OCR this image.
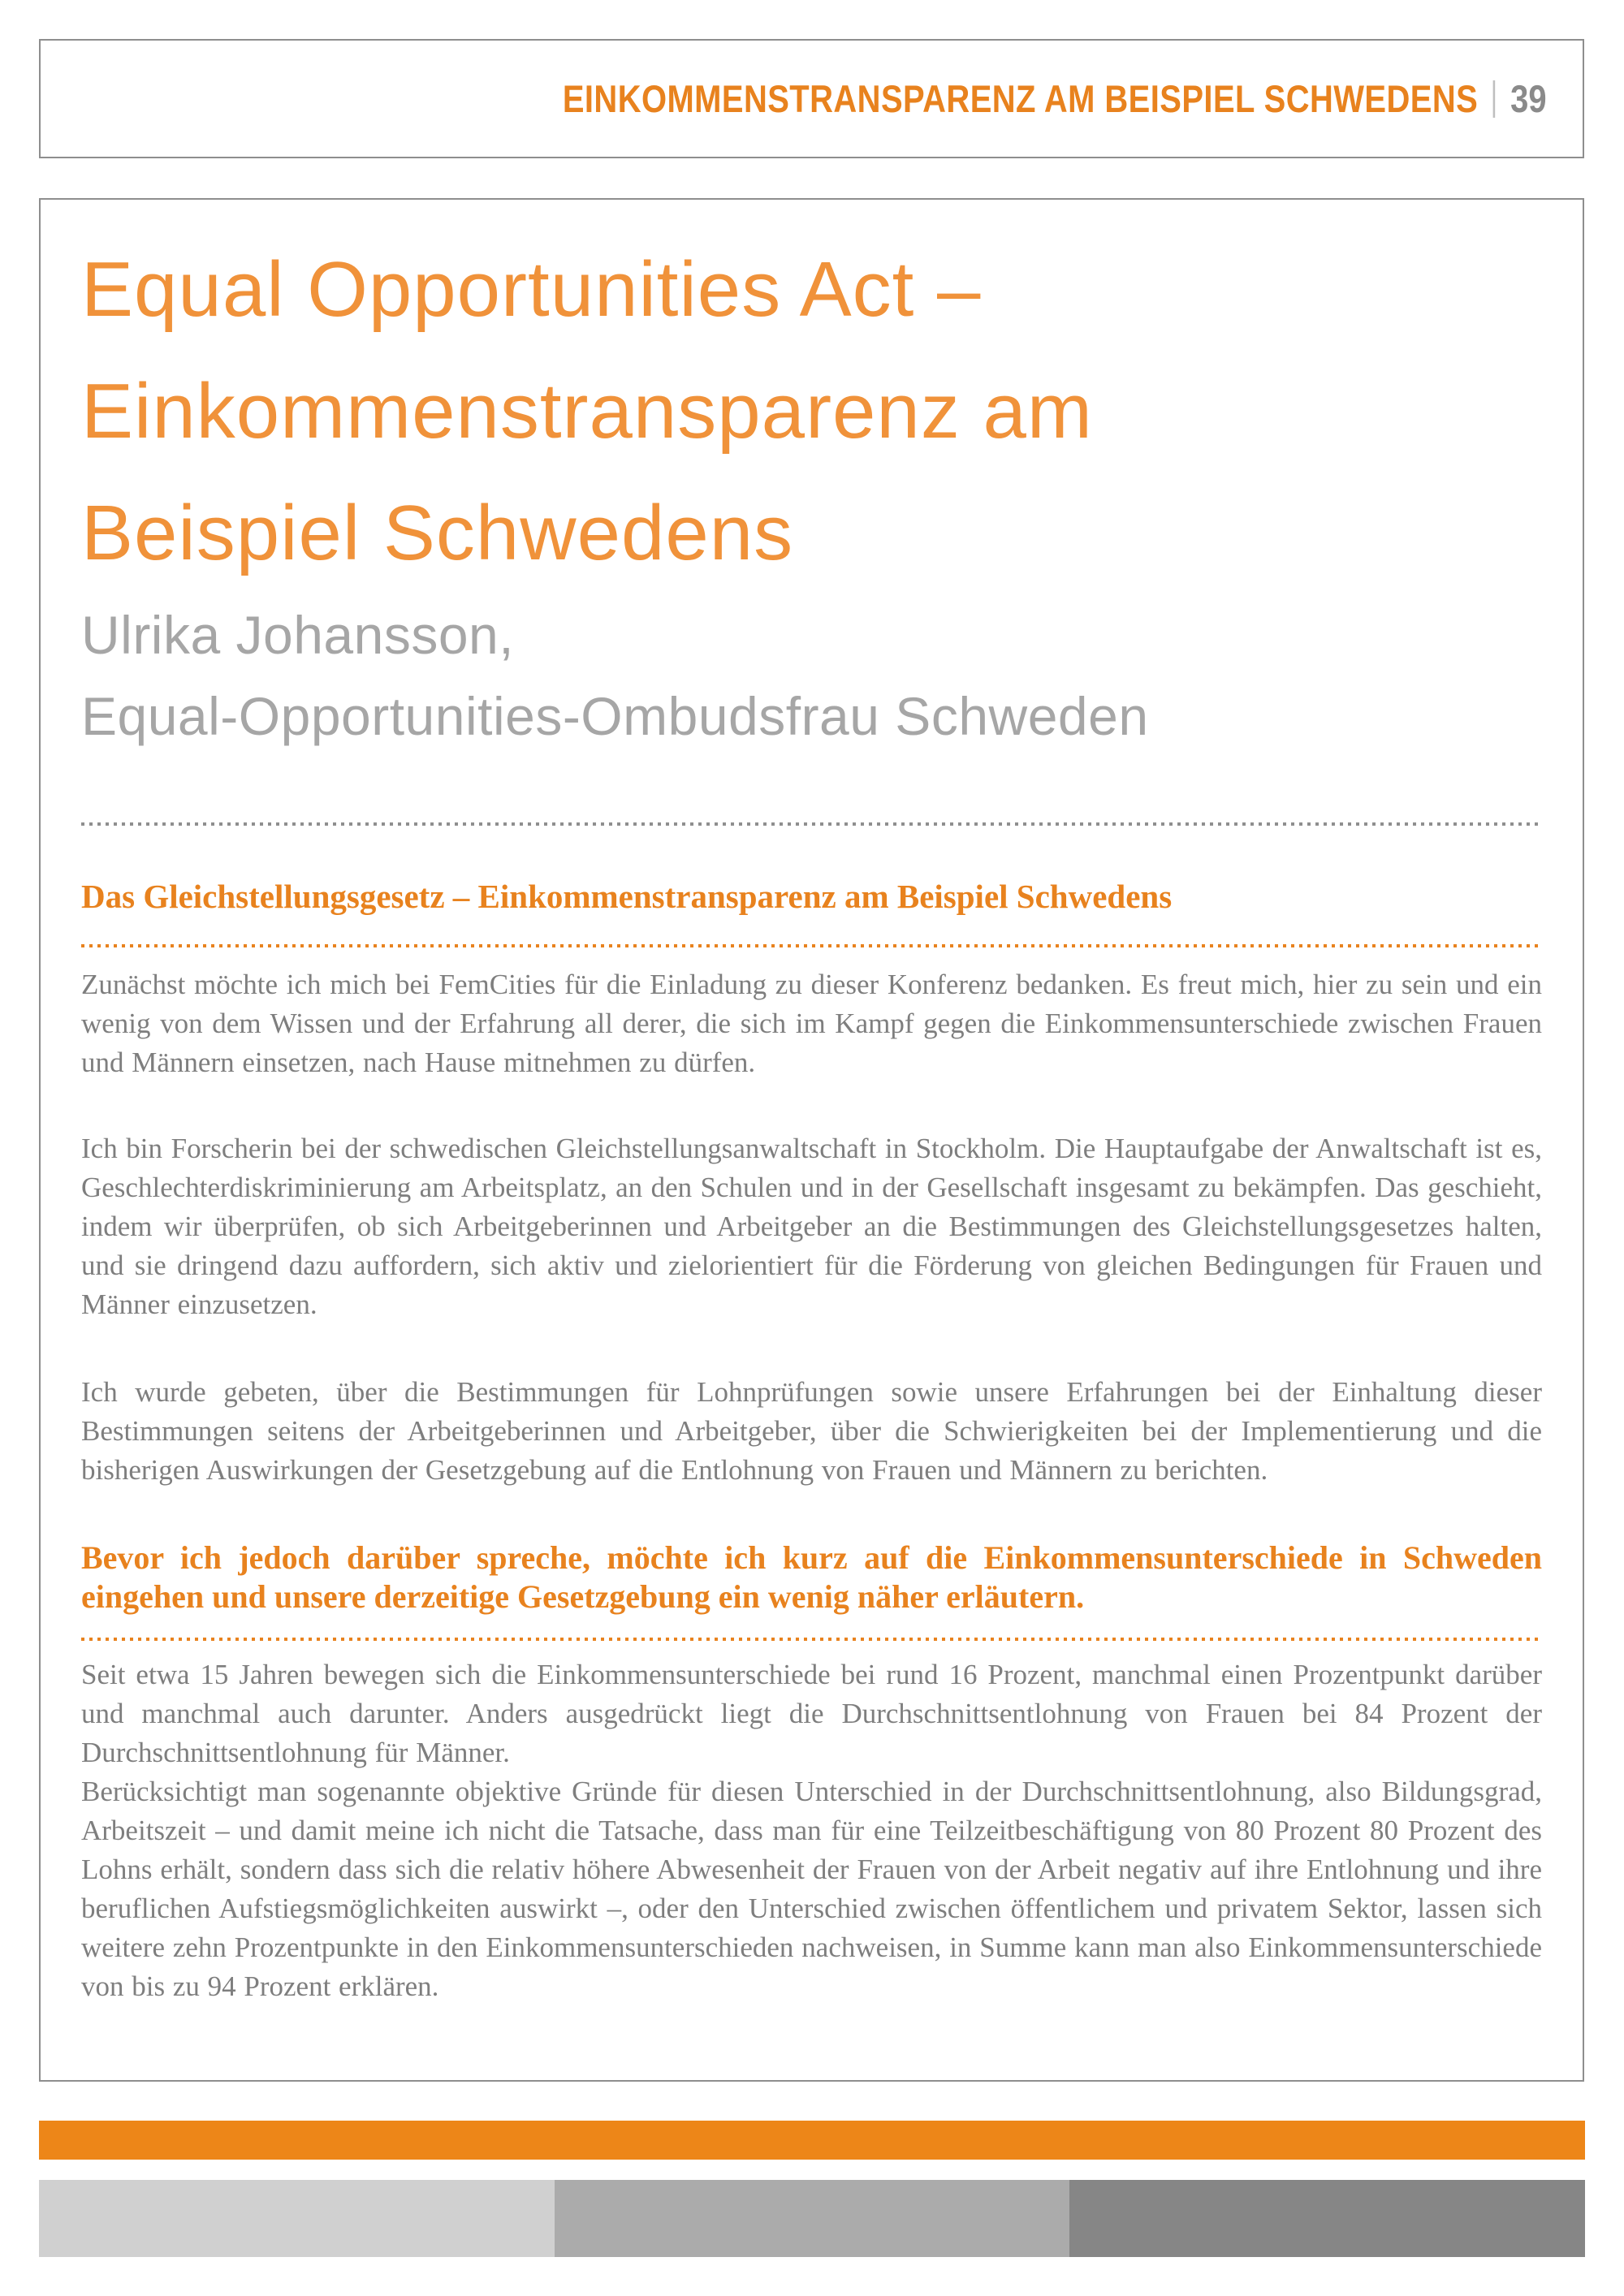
EINKOMMENSTRANSPARENZ AM BEISPIEL SCHWEDENS 39
Equal Opportunities Act –
Einkommenstransparenz am
Beispiel Schwedens
Ulrika Johansson,
Equal-Opportunities-Ombudsfrau Schweden
Das Gleichstellungsgesetz – Einkommenstransparenz am Beispiel Schwedens

Zunächst möchte ich mich bei FemCities für die Einladung zu dieser Konferenz bedanken. Es freut mich, hier zu sein und ein wenig von dem Wissen und der Erfahrung all derer, die sich im Kampf gegen die Einkommensunterschiede zwischen Frauen und Männern einsetzen, nach Hause mitnehmen zu dürfen.

Ich bin Forscherin bei der schwedischen Gleichstellungsanwaltschaft in Stockholm. Die Hauptaufgabe der Anwaltschaft ist es, Geschlechterdiskriminierung am Arbeitsplatz, an den Schulen und in der Gesellschaft insgesamt zu bekämpfen. Das geschieht, indem wir überprüfen, ob sich Arbeitgeberinnen und Arbeitgeber an die Bestimmungen des Gleichstellungsgesetzes halten, und sie dringend dazu auffordern, sich aktiv und zielorientiert für die Förderung von gleichen Bedingungen für Frauen und Männer einzusetzen.

Ich wurde gebeten, über die Bestimmungen für Lohnprüfungen sowie unsere Erfahrungen bei der Einhaltung dieser Bestimmungen seitens der Arbeitgeberinnen und Arbeitgeber, über die Schwierigkeiten bei der Implementierung und die bisherigen Auswirkungen der Gesetzgebung auf die Entlohnung von Frauen und Männern zu berichten.

Bevor ich jedoch darüber spreche, möchte ich kurz auf die Einkommensunterschiede in Schweden eingehen und unsere derzeitige Gesetzgebung ein wenig näher erläutern.

Seit etwa 15 Jahren bewegen sich die Einkommensunterschiede bei rund 16 Prozent, manchmal einen Prozentpunkt darüber und manchmal auch darunter. Anders ausgedrückt liegt die Durchschnittsentlohnung von Frauen bei 84 Prozent der Durchschnittsentlohnung für Männer.

Berücksichtigt man sogenannte objektive Gründe für diesen Unterschied in der Durchschnittsentlohnung, also Bildungsgrad, Arbeitszeit – und damit meine ich nicht die Tatsache, dass man für eine Teilzeitbeschäftigung von 80 Prozent 80 Prozent des Lohns erhält, sondern dass sich die relativ höhere Abwesenheit der Frauen von der Arbeit negativ auf ihre Entlohnung und ihre beruflichen Aufstiegsmöglichkeiten auswirkt –, oder den Unterschied zwischen öffentlichem und privatem Sektor, lassen sich weitere zehn Prozentpunkte in den Einkommensunterschieden nachweisen, in Summe kann man also Einkommensunterschiede von bis zu 94 Prozent erklären.
